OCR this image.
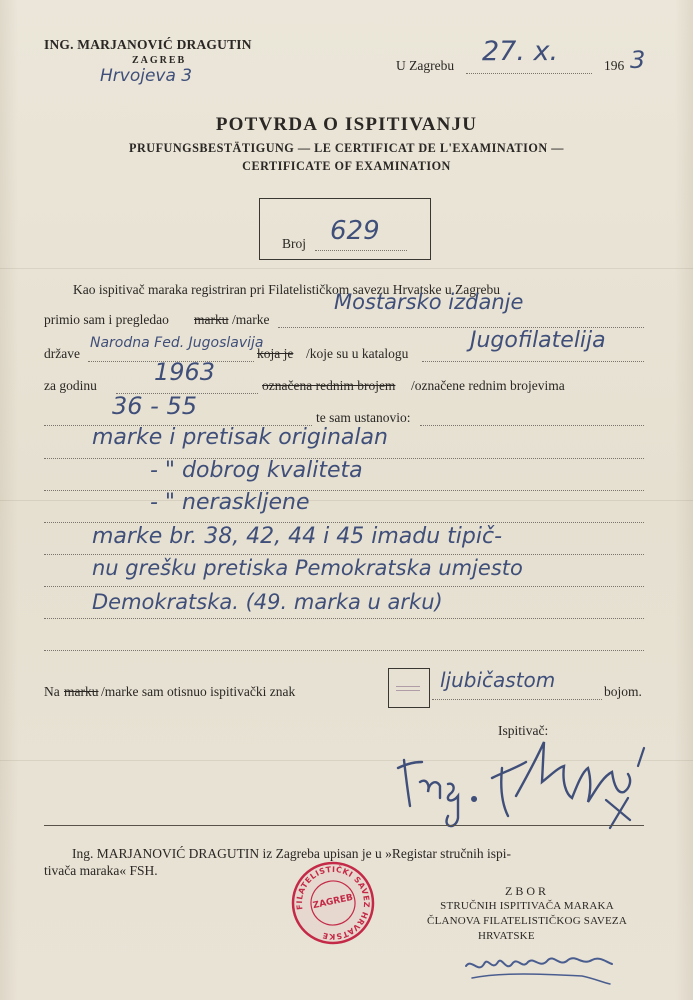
ING. MARJANOVIĆ DRAGUTIN
ZAGREB
Hrvojeva 3
U Zagrebu 27. x.	196 3
POTVRDA O ISPITIVANJU
PRUFUNGSBESTÄTIGUNG — LE CERTIFICAT DE L'EXAMINATION —
CERTIFICATE OF EXAMINATION
Broj 629
Kao ispitivač maraka registriran pri Filatelističkom savezu Hrvatske u Zagrebu
primio sam i pregledao marku /marke
Mostarsko izdanje
države
Narodna Fed. Jugoslavija
koja je /koje su u katalogu
Jugofilatelija
za godinu 1963	označena rednim brojem /označene rednim brojevima
36 - 55	te sam ustanovio:
marke i pretisak originalan
- " dobrog kvaliteta
- " neraskljene
marke br. 38, 42, 44 i 45 imadu tipič-
nu grešku pretiska Pemokratska umjesto
Demokratska. (49. marka u arku)
Na marku /marke sam otisnuo ispitivački znak	ljubičastom	bojom.
Ispitivač:
Ing. MARJANOVIĆ DRAGUTIN iz Zagreba upisan je u »Registar stručnih ispi-
tivača maraka« FSH.
FILATELISTIČKI SAVEZ HRVATSKE
ZAGREB
ZBOR
STRUČNIH ISPITIVAČA MARAKA
ČLANOVA FILATELISTIČKOG SAVEZA
HRVATSKE
